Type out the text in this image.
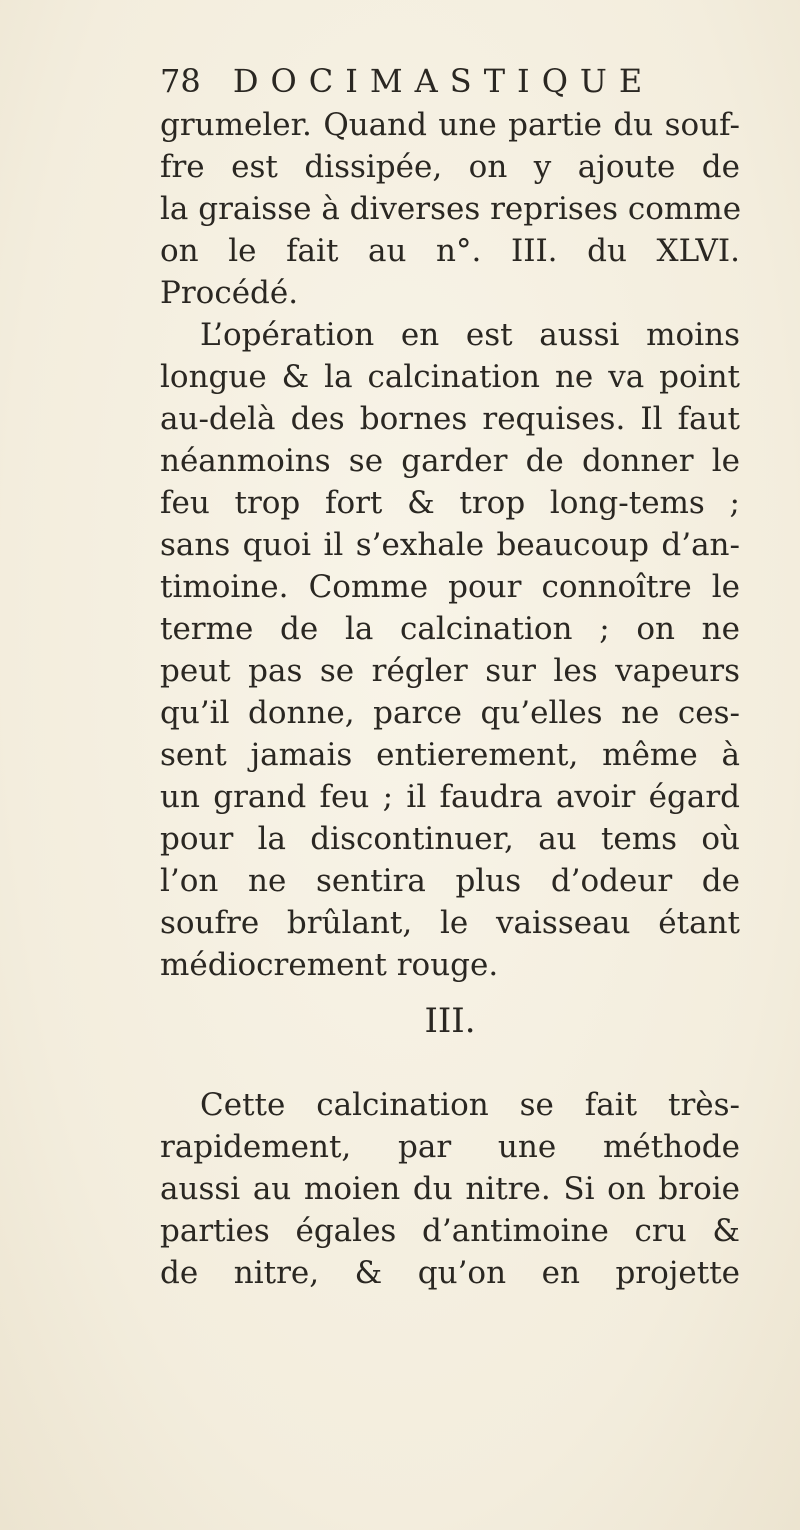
78 DOCIMASTIQUE
grumeler. Quand une partie du souf-
fre est dissipée, on y ajoute de
la graisse à diverses reprises comme
on le fait au n°. III. du XLVI.
Procédé.
L’opération en est aussi moins
longue & la calcination ne va point
au-delà des bornes requises. Il faut
néanmoins se garder de donner le
feu trop fort & trop long-tems ;
sans quoi il s’exhale beaucoup d’an-
timoine. Comme pour connoître le
terme de la calcination ; on ne
peut pas se régler sur les vapeurs
qu’il donne, parce qu’elles ne ces-
sent jamais entierement, même à
un grand feu ; il faudra avoir égard
pour la discontinuer, au tems où
l’on ne sentira plus d’odeur de
soufre brûlant, le vaisseau étant
médiocrement rouge.
III.
Cette calcination se fait très-
rapidement, par une méthode
aussi au moien du nitre. Si on broie
parties égales d’antimoine cru &
de nitre, & qu’on en projette
